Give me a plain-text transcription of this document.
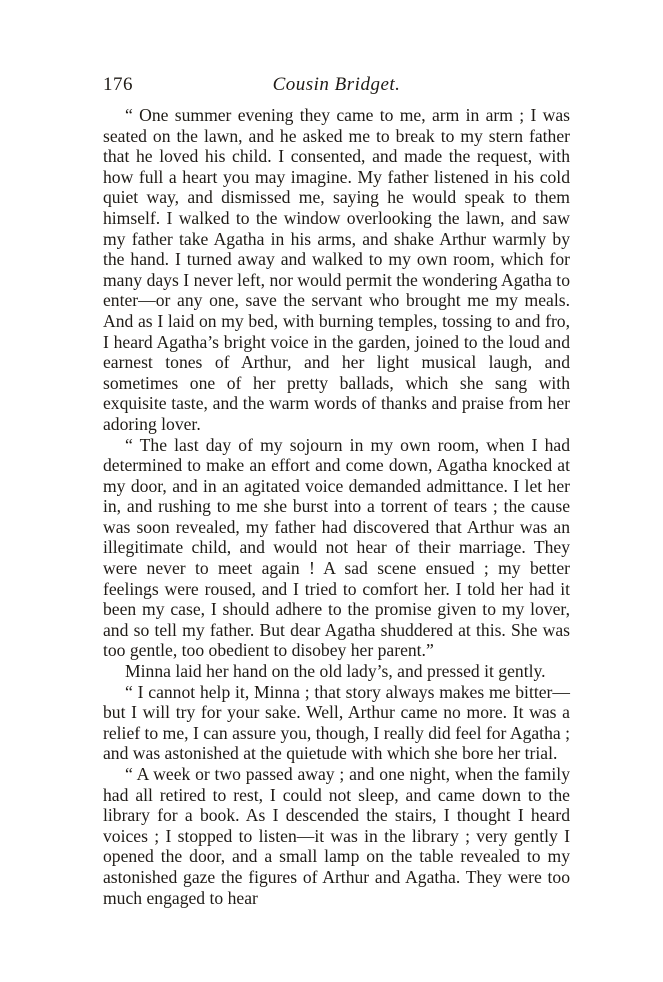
176	Cousin Bridget.

“ One summer evening they came to me, arm in arm ; I was seated on the lawn, and he asked me to break to my stern father that he loved his child. I consented, and made the request, with how full a heart you may imagine. My father listened in his cold quiet way, and dismissed me, saying he would speak to them himself. I walked to the window overlooking the lawn, and saw my father take Agatha in his arms, and shake Arthur warmly by the hand. I turned away and walked to my own room, which for many days I never left, nor would permit the wondering Agatha to enter—or any one, save the servant who brought me my meals. And as I laid on my bed, with burning temples, tossing to and fro, I heard Agatha’s bright voice in the garden, joined to the loud and earnest tones of Arthur, and her light musical laugh, and sometimes one of her pretty ballads, which she sang with exquisite taste, and the warm words of thanks and praise from her adoring lover.

“ The last day of my sojourn in my own room, when I had determined to make an effort and come down, Agatha knocked at my door, and in an agitated voice demanded admittance. I let her in, and rushing to me she burst into a torrent of tears ; the cause was soon revealed, my father had discovered that Arthur was an illegitimate child, and would not hear of their marriage. They were never to meet again ! A sad scene ensued ; my better feelings were roused, and I tried to comfort her. I told her had it been my case, I should adhere to the promise given to my lover, and so tell my father. But dear Agatha shuddered at this. She was too gentle, too obedient to disobey her parent.”

Minna laid her hand on the old lady’s, and pressed it gently.

“ I cannot help it, Minna ; that story always makes me bitter—but I will try for your sake. Well, Arthur came no more. It was a relief to me, I can assure you, though, I really did feel for Agatha ; and was astonished at the quietude with which she bore her trial.

“ A week or two passed away ; and one night, when the family had all retired to rest, I could not sleep, and came down to the library for a book. As I descended the stairs, I thought I heard voices ; I stopped to listen—it was in the library ; very gently I opened the door, and a small lamp on the table revealed to my astonished gaze the figures of Arthur and Agatha. They were too much engaged to hear
